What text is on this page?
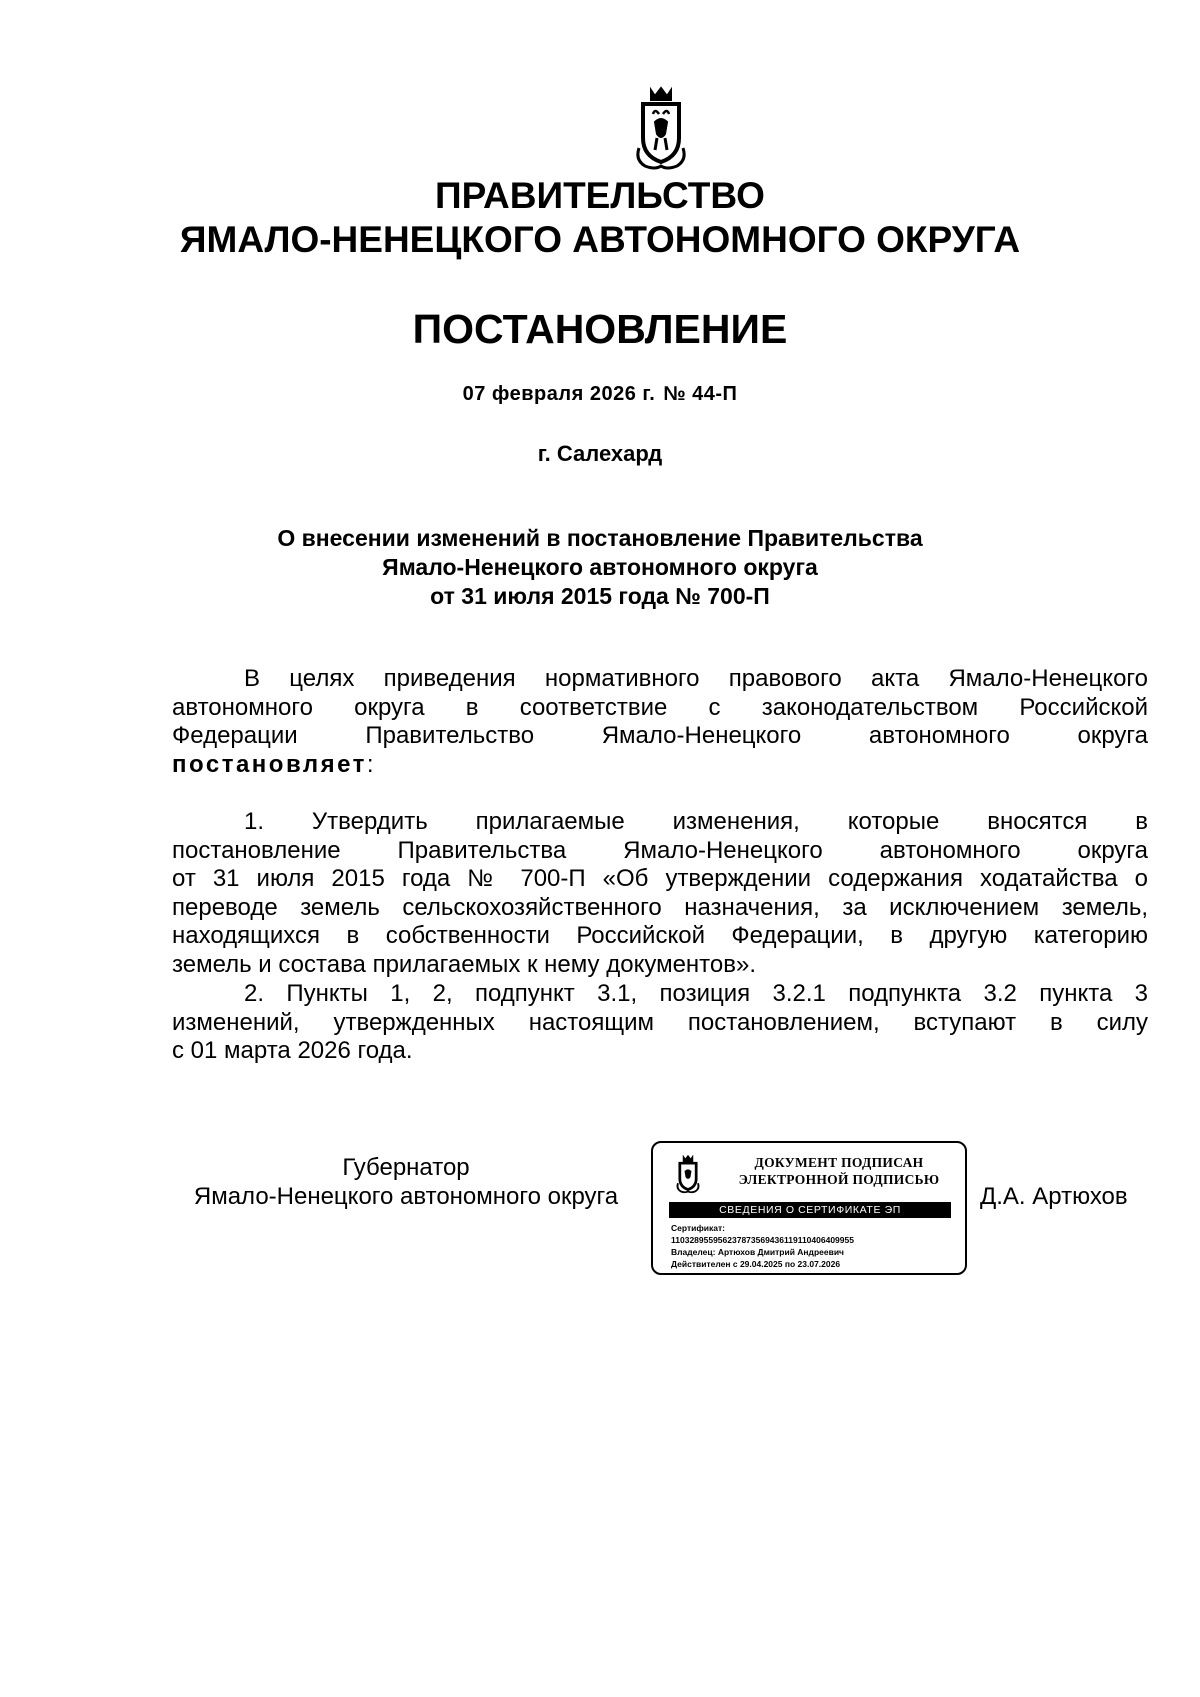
ПРАВИТЕЛЬСТВО
ЯМАЛО-НЕНЕЦКОГО АВТОНОМНОГО ОКРУГА
ПОСТАНОВЛЕНИЕ
07 февраля 2026 г. № 44-П
г. Салехард
О внесении изменений в постановление Правительства
Ямало-Ненецкого автономного округа
от 31 июля 2015 года № 700-П
В целях приведения нормативного правового акта Ямало-Ненецкого
автономного округа в соответствие с законодательством Российской
Федерации Правительство Ямало-Ненецкого автономного округа
постановляет:
1. Утвердить прилагаемые изменения, которые вносятся в
постановление Правительства Ямало-Ненецкого автономного округа
от 31 июля 2015 года № 700-П «Об утверждении содержания ходатайства о
переводе земель сельскохозяйственного назначения, за исключением земель,
находящихся в собственности Российской Федерации, в другую категорию
земель и состава прилагаемых к нему документов».
2. Пункты 1, 2, подпункт 3.1, позиция 3.2.1 подпункта 3.2 пункта 3
изменений, утвержденных настоящим постановлением, вступают в силу
с 01 марта 2026 года.
Губернатор
Ямало-Ненецкого автономного округа
ДОКУМЕНТ ПОДПИСАН
ЭЛЕКТРОННОЙ ПОДПИСЬЮ
СВЕДЕНИЯ О СЕРТИФИКАТЕ ЭП
Сертификат:
110328955956237873569436119110406409955
Владелец: Артюхов Дмитрий Андреевич
Действителен с 29.04.2025 по 23.07.2026
Д.А. Артюхов
